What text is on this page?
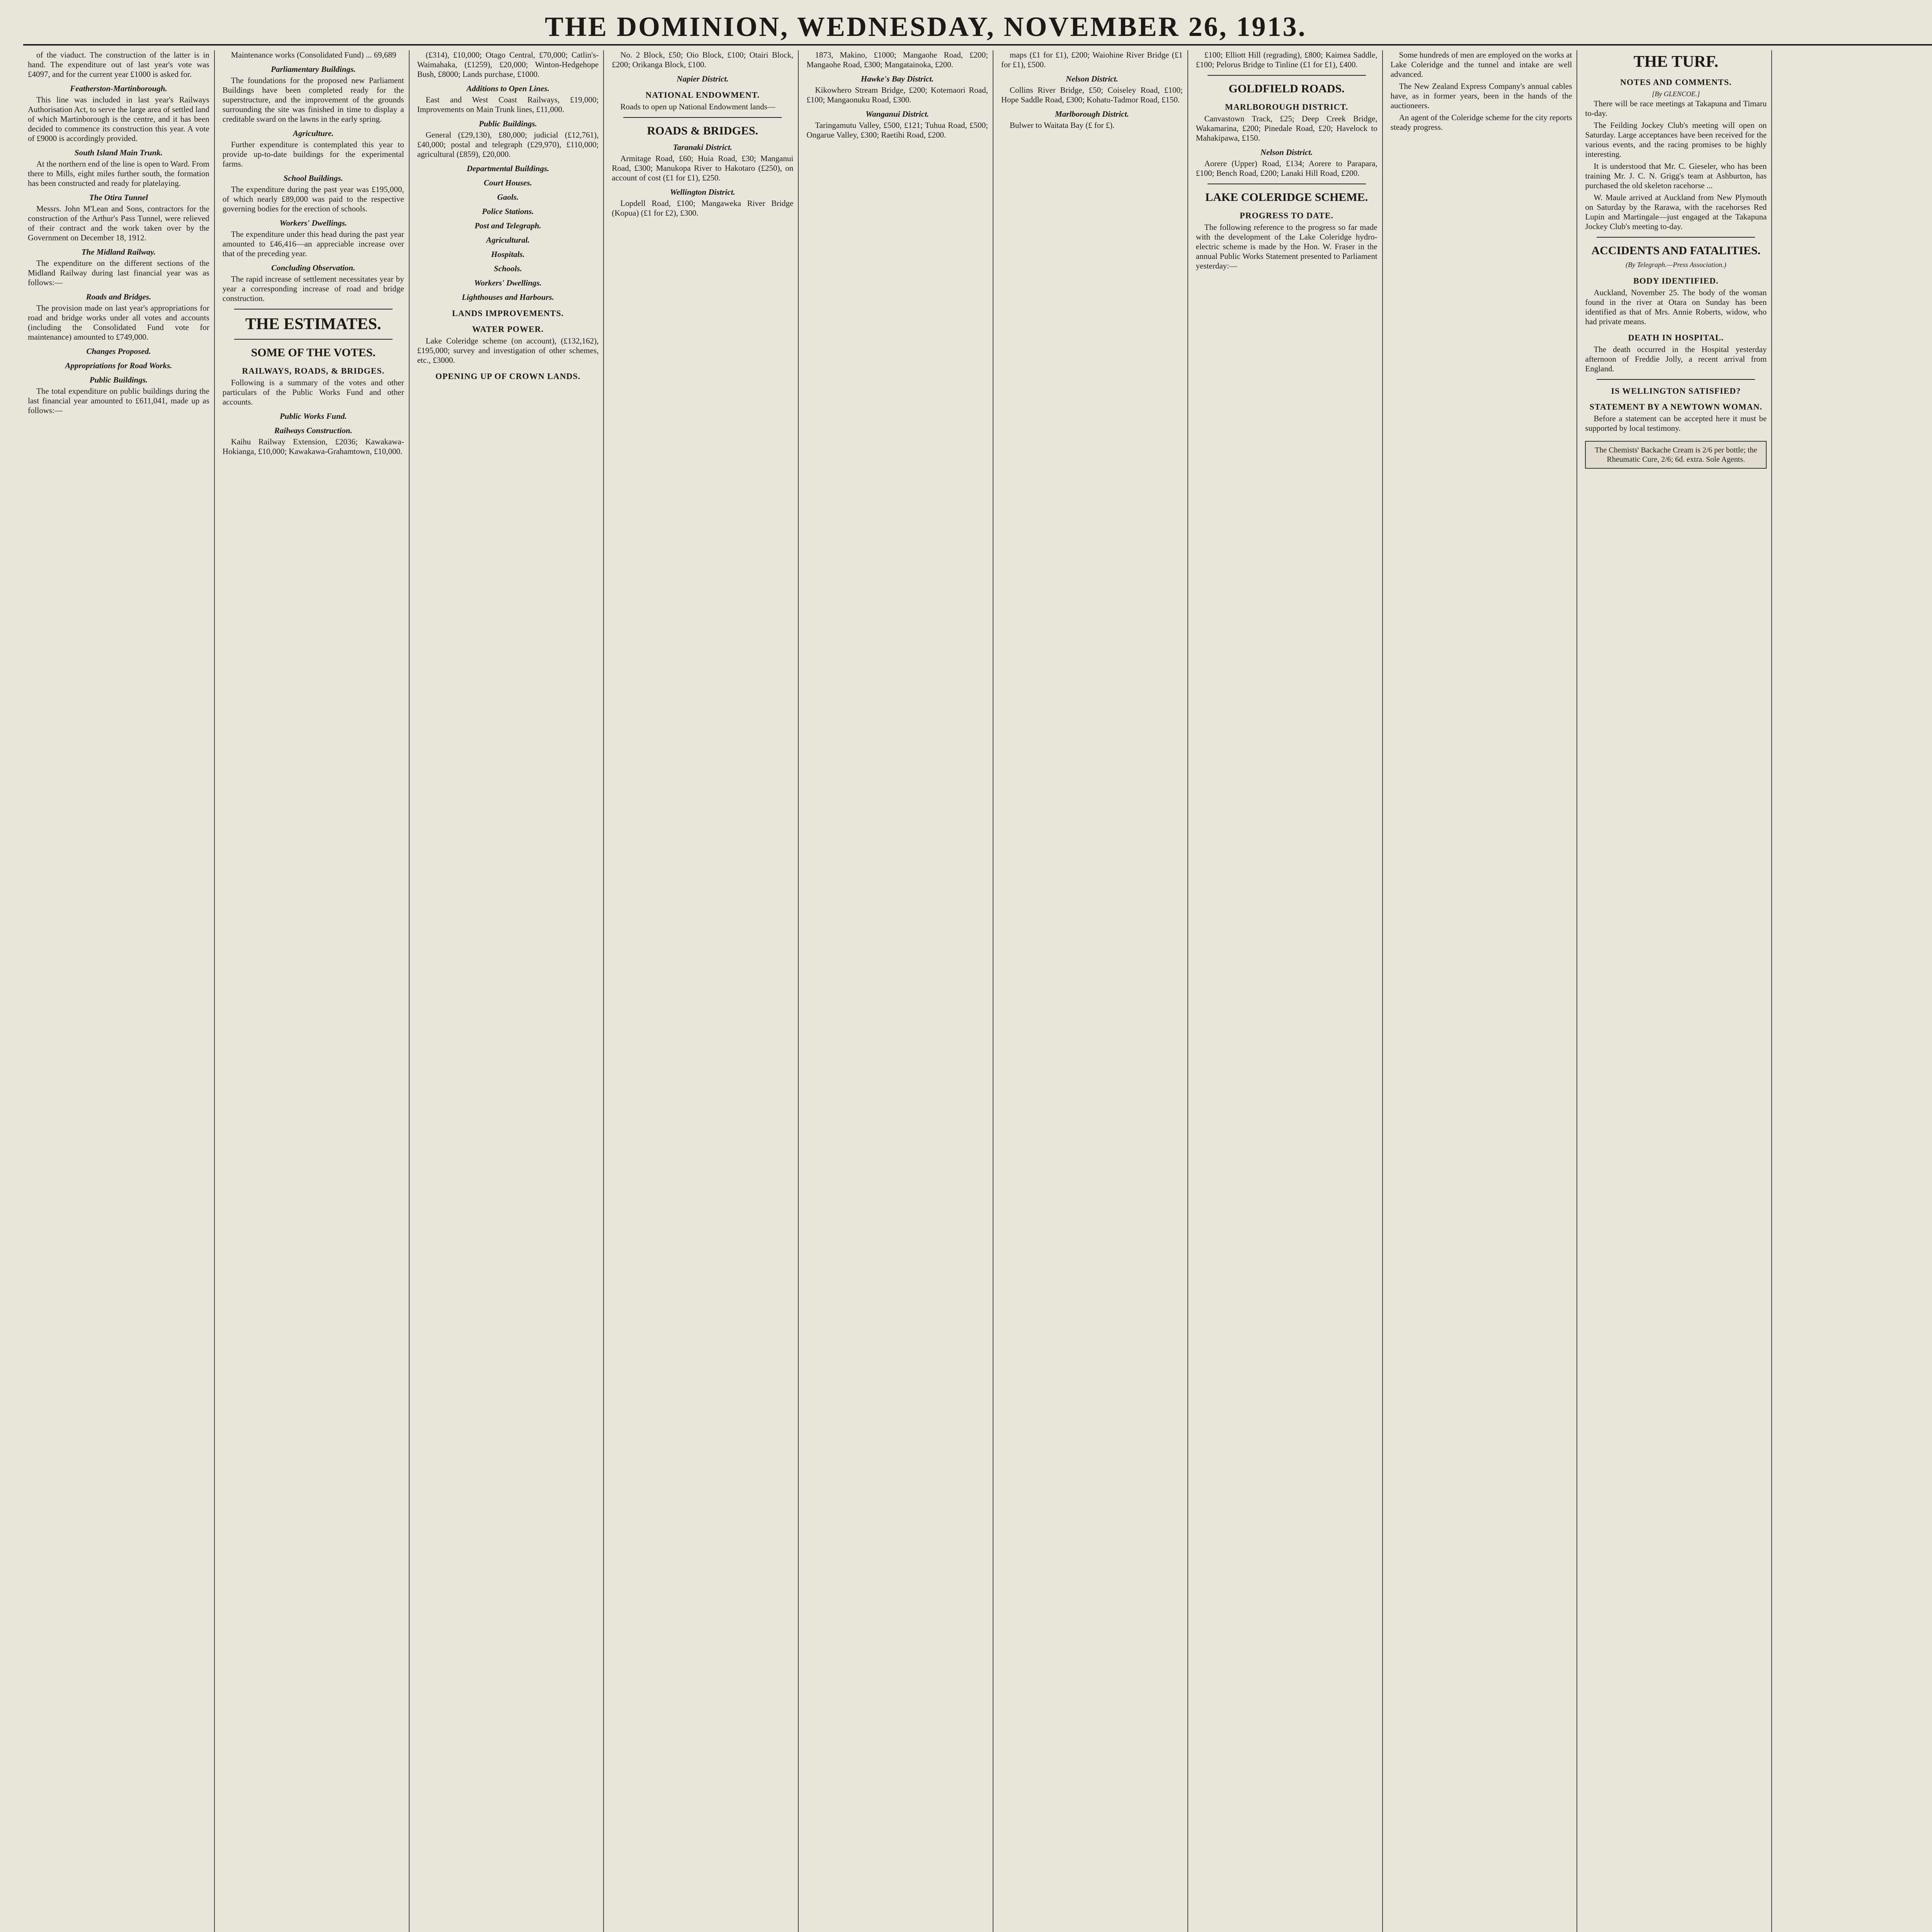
THE DOMINION, WEDNESDAY, NOVEMBER 26, 1913.

of the viaduct. The construction of the latter is in hand. The expenditure out of last year's vote was £4097, and for the current year £1000 is asked for.

Featherston-Martinborough.

This line was included in last year's Railways Authorisation Act, to serve the large area of settled land of which Martinborough is the centre, and it has been decided to commence its construction this year. A vote of £9000 is accordingly provided.

South Island Main Trunk.

At the northern end of the line is open to Ward. From there to Mills, eight miles further south, the formation has been constructed and ready for platelaying.

The Otira Tunnel

Messrs. John M'Lean and Sons, contractors for the construction of the Arthur's Pass Tunnel, were relieved of their contract and the work taken over by the Government on December 18, 1912.

The Midland Railway.

The expenditure on the different sections of the Midland Railway during last financial year was as follows:—

Roads and Bridges.

The provision made on last year's appropriations for road and bridge works under all votes and accounts (including the Consolidated Fund vote for maintenance) amounted to £749,000.

Changes Proposed.
Appropriations for Road Works.
Public Buildings.

The total expenditure on public buildings during the last financial year amounted to £611,041, made up as follows:—

Maintenance works (Consolidated Fund) ... 69,689

Parliamentary Buildings.

The foundations for the proposed new Parliament Buildings have been completed ready for the superstructure, and the improvement of the grounds surrounding the site was finished in time to display a creditable sward on the lawns in the early spring.

Agriculture.

Further expenditure is contemplated this year to provide up-to-date buildings for the experimental farms.

School Buildings.

The expenditure during the past year was £195,000, of which nearly £89,000 was paid to the respective governing bodies for the erection of schools.

Workers' Dwellings.

The expenditure under this head during the past year amounted to £46,416—an appreciable increase over that of the preceding year.

Concluding Observation.

The rapid increase of settlement necessitates year by year a corresponding increase of road and bridge construction.

THE ESTIMATES.
SOME OF THE VOTES.
RAILWAYS, ROADS, & BRIDGES.

Following is a summary of the votes and other particulars of the Public Works Fund and other accounts.

Public Works Fund.
Railways Construction.

Kaihu Railway Extension, £2036; Kawakawa-Hokianga, £10,000; Kawakawa-Grahamtown, £10,000.

(£314), £10,000; Otago Central, £70,000; Catlin's-Waimahaka, (£1259), £20,000; Winton-Hedgehope Bush, £8000; Lands purchase, £1000.

Additions to Open Lines.

East and West Coast Railways, £19,000; Improvements on Main Trunk lines, £11,000.

Public Buildings.

General (£29,130), £80,000; judicial (£12,761), £40,000; postal and telegraph (£29,970), £110,000; agricultural (£859), £20,000.

Departmental Buildings.
Court Houses.
Gaols.
Police Stations.
Post and Telegraph.
Agricultural.
Hospitals.
Schools.
Workers' Dwellings.
Lighthouses and Harbours.
LANDS IMPROVEMENTS.
WATER POWER.

Lake Coleridge scheme (on account), (£132,162), £195,000; survey and investigation of other schemes, etc., £3000.

OPENING UP OF CROWN LANDS.

No. 2 Block, £50; Oio Block, £100; Otairi Block, £200; Orikanga Block, £100.

Napier District.
NATIONAL ENDOWMENT.

Roads to open up National Endowment lands—

ROADS & BRIDGES.
Taranaki District.

Armitage Road, £60; Huia Road, £30; Manganui Road, £300; Manukopa River to Hakotaro (£250), on account of cost (£1 for £1), £250.

Wellington District.

Lopdell Road, £100; Mangaweka River Bridge (Kopua) (£1 for £2), £300.

1873, Makino, £1000; Mangaohe Road, £200; Mangaohe Road, £300; Mangatainoka, £200.

Hawke's Bay District.

Kikowhero Stream Bridge, £200; Kotemaori Road, £100; Mangaonuku Road, £300.

Wanganui District.

Taringamutu Valley, £500, £121; Tuhua Road, £500; Ongarue Valley, £300; Raetihi Road, £200.

maps (£1 for £1), £200; Waiohine River Bridge (£1 for £1), £500.

Nelson District.

Collins River Bridge, £50; Coiseley Road, £100; Hope Saddle Road, £300; Kohatu-Tadmor Road, £150.

Marlborough District.

Bulwer to Waitata Bay (£ for £).

£100; Elliott Hill (regrading), £800; Kaimea Saddle, £100; Pelorus Bridge to Tinline (£1 for £1), £400.

GOLDFIELD ROADS.
MARLBOROUGH DISTRICT.

Canvastown Track, £25; Deep Creek Bridge, Wakamarina, £200; Pinedale Road, £20; Havelock to Mahakipawa, £150.

Nelson District.

Aorere (Upper) Road, £134; Aorere to Parapara, £100; Bench Road, £200; Lanaki Hill Road, £200.

LAKE COLERIDGE SCHEME.
PROGRESS TO DATE.

The following reference to the progress so far made with the development of the Lake Coleridge hydro-electric scheme is made by the Hon. W. Fraser in the annual Public Works Statement presented to Parliament yesterday:—

Some hundreds of men are employed on the works at Lake Coleridge and the tunnel and intake are well advanced.

The New Zealand Express Company's annual cables have, as in former years, been in the hands of the auctioneers.

An agent of the Coleridge scheme for the city reports steady progress.

THE TURF.
NOTES AND COMMENTS.
[By GLENCOE.]

There will be race meetings at Takapuna and Timaru to-day.

The Feilding Jockey Club's meeting will open on Saturday. Large acceptances have been received for the various events, and the racing promises to be highly interesting.

It is understood that Mr. C. Gieseler, who has been training Mr. J. C. N. Grigg's team at Ashburton, has purchased the old skeleton racehorse ...

W. Maule arrived at Auckland from New Plymouth on Saturday by the Rarawa, with the racehorses Red Lupin and Martingale—just engaged at the Takapuna Jockey Club's meeting to-day.

ACCIDENTS AND FATALITIES.
(By Telegraph.—Press Association.)
BODY IDENTIFIED.

Auckland, November 25. The body of the woman found in the river at Otara on Sunday has been identified as that of Mrs. Annie Roberts, widow, who had private means.

DEATH IN HOSPITAL.

The death occurred in the Hospital yesterday afternoon of Freddie Jolly, a recent arrival from England.

IS WELLINGTON SATISFIED?
STATEMENT BY A NEWTOWN WOMAN.

Before a statement can be accepted here it must be supported by local testimony.

The Chemists' Backache Cream is 2/6 per bottle; the Rheumatic Cure, 2/6; 6d. extra. Sole Agents.
